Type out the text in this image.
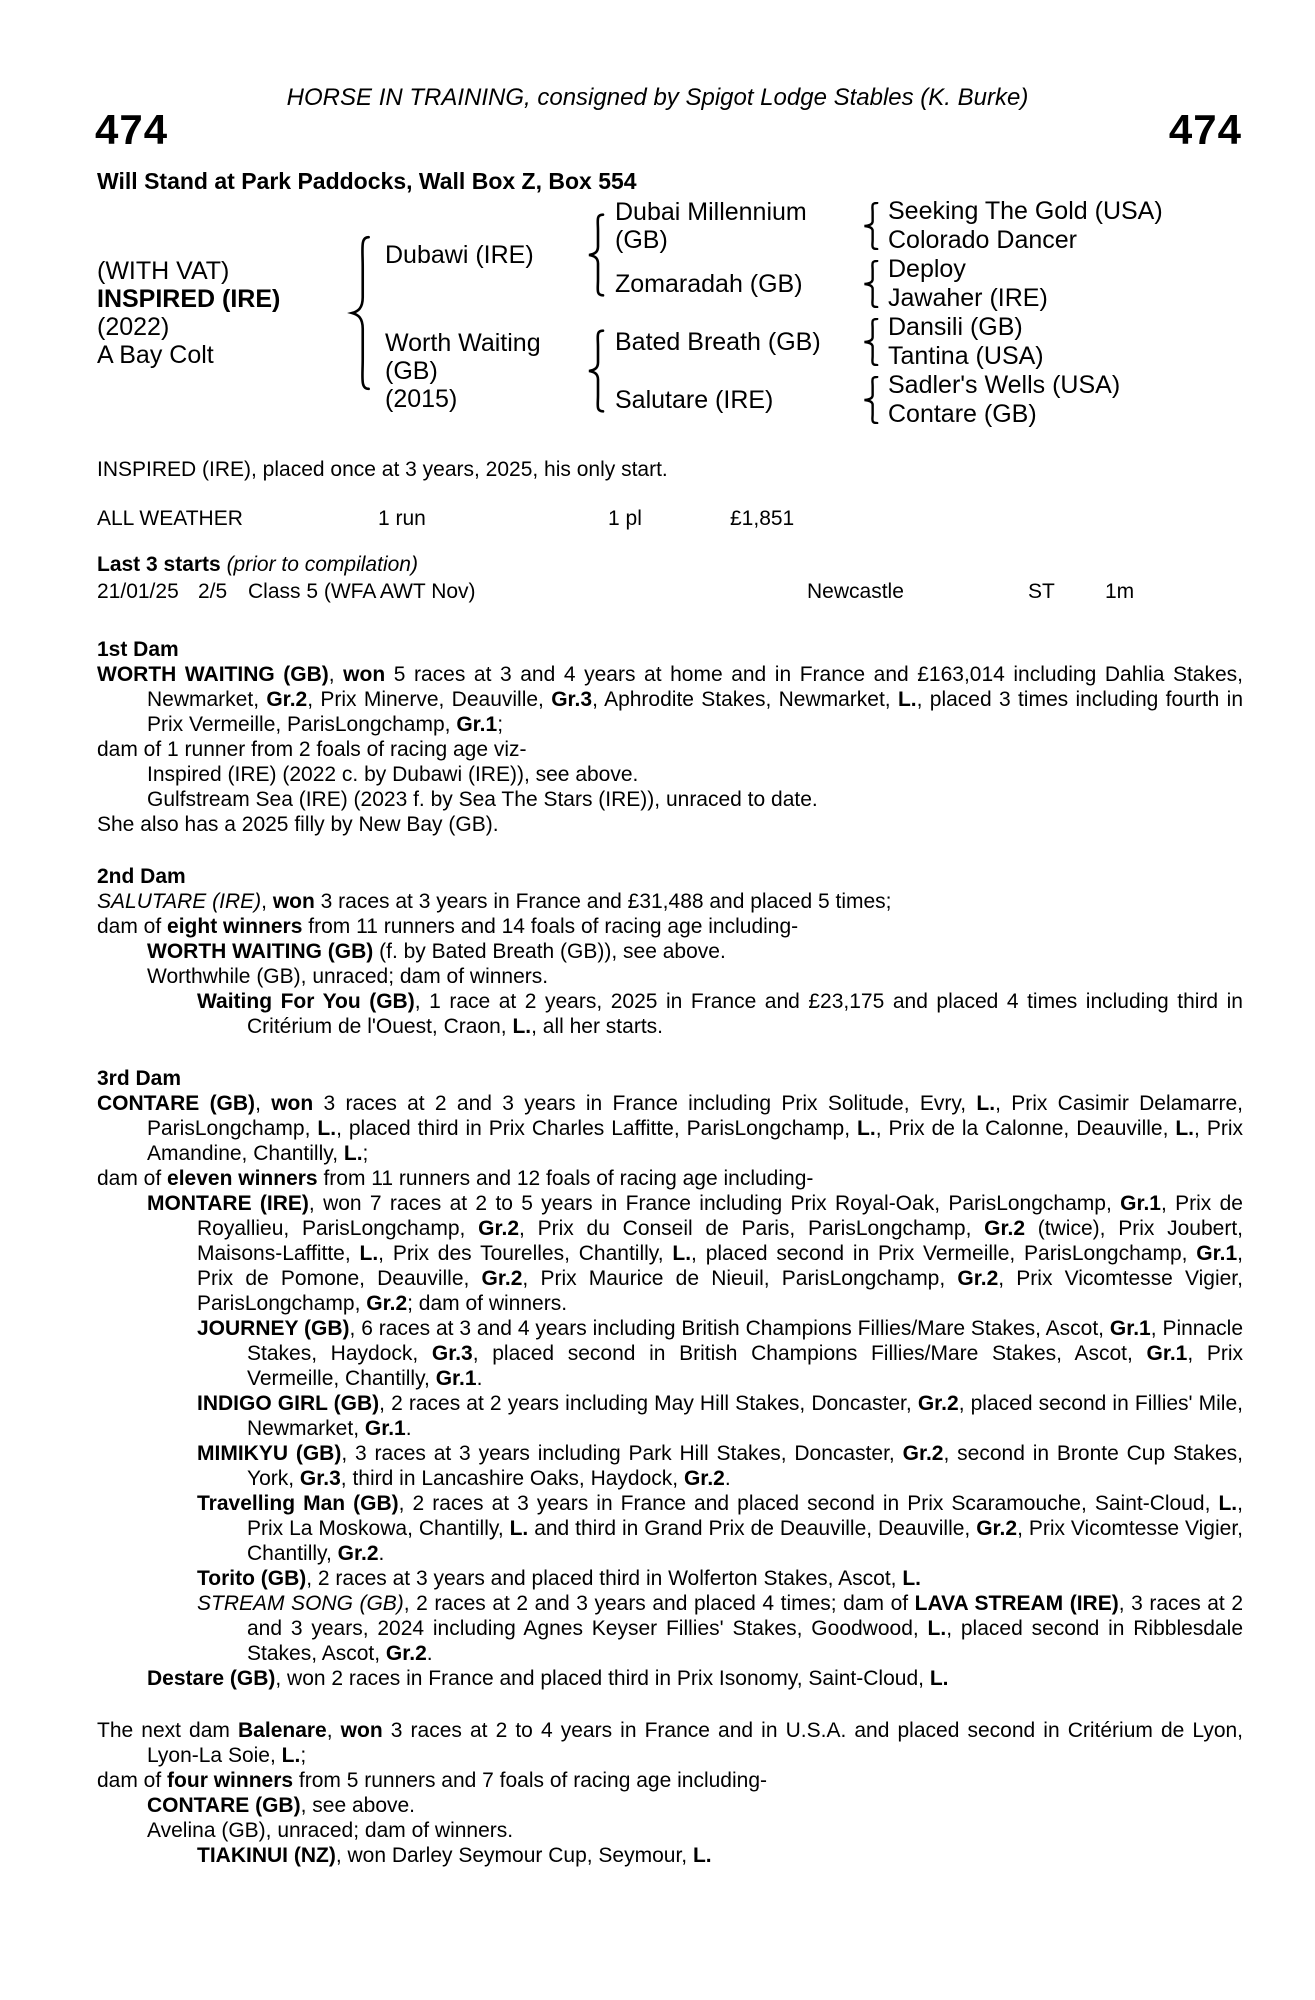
HORSE IN TRAINING, consigned by Spigot Lodge Stables (K. Burke)
474	474
Will Stand at Park Paddocks, Wall Box Z, Box 554
(WITH VAT)
INSPIRED (IRE)
(2022)
A Bay Colt
Dubawi (IRE)
Dubai Millennium (GB)
Seeking The Gold (USA)
Colorado Dancer
Zomaradah (GB)
Deploy
Jawaher (IRE)
Worth Waiting (GB)
(2015)
Bated Breath (GB)
Dansili (GB)
Tantina (USA)
Salutare (IRE)
Sadler's Wells (USA)
Contare (GB)
INSPIRED (IRE), placed once at 3 years, 2025, his only start.
ALL WEATHER	1 run	1 pl	£1,851
Last 3 starts (prior to compilation)
21/01/25 2/5 Class 5 (WFA AWT Nov)	Newcastle	ST 1m

1st Dam

WORTH WAITING (GB), won 5 races at 3 and 4 years at home and in France and £163,014 including Dahlia Stakes, Newmarket, Gr.2, Prix Minerve, Deauville, Gr.3, Aphrodite Stakes, Newmarket, L., placed 3 times including fourth in Prix Vermeille, ParisLongchamp, Gr.1;

dam of 1 runner from 2 foals of racing age viz-

Inspired (IRE) (2022 c. by Dubawi (IRE)), see above.

Gulfstream Sea (IRE) (2023 f. by Sea The Stars (IRE)), unraced to date.

She also has a 2025 filly by New Bay (GB).

2nd Dam

SALUTARE (IRE), won 3 races at 3 years in France and £31,488 and placed 5 times;

dam of eight winners from 11 runners and 14 foals of racing age including-

WORTH WAITING (GB) (f. by Bated Breath (GB)), see above.

Worthwhile (GB), unraced; dam of winners.

Waiting For You (GB), 1 race at 2 years, 2025 in France and £23,175 and placed 4 times including third in Critérium de l'Ouest, Craon, L., all her starts.

3rd Dam

CONTARE (GB), won 3 races at 2 and 3 years in France including Prix Solitude, Evry, L., Prix Casimir Delamarre, ParisLongchamp, L., placed third in Prix Charles Laffitte, ParisLongchamp, L., Prix de la Calonne, Deauville, L., Prix Amandine, Chantilly, L.;

dam of eleven winners from 11 runners and 12 foals of racing age including-

MONTARE (IRE), won 7 races at 2 to 5 years in France including Prix Royal-Oak, ParisLongchamp, Gr.1, Prix de Royallieu, ParisLongchamp, Gr.2, Prix du Conseil de Paris, ParisLongchamp, Gr.2 (twice), Prix Joubert, Maisons-Laffitte, L., Prix des Tourelles, Chantilly, L., placed second in Prix Vermeille, ParisLongchamp, Gr.1, Prix de Pomone, Deauville, Gr.2, Prix Maurice de Nieuil, ParisLongchamp, Gr.2, Prix Vicomtesse Vigier, ParisLongchamp, Gr.2; dam of winners.

JOURNEY (GB), 6 races at 3 and 4 years including British Champions Fillies/Mare Stakes, Ascot, Gr.1, Pinnacle Stakes, Haydock, Gr.3, placed second in British Champions Fillies/Mare Stakes, Ascot, Gr.1, Prix Vermeille, Chantilly, Gr.1.

INDIGO GIRL (GB), 2 races at 2 years including May Hill Stakes, Doncaster, Gr.2, placed second in Fillies' Mile, Newmarket, Gr.1.

MIMIKYU (GB), 3 races at 3 years including Park Hill Stakes, Doncaster, Gr.2, second in Bronte Cup Stakes, York, Gr.3, third in Lancashire Oaks, Haydock, Gr.2.

Travelling Man (GB), 2 races at 3 years in France and placed second in Prix Scaramouche, Saint-Cloud, L., Prix La Moskowa, Chantilly, L. and third in Grand Prix de Deauville, Deauville, Gr.2, Prix Vicomtesse Vigier, Chantilly, Gr.2.

Torito (GB), 2 races at 3 years and placed third in Wolferton Stakes, Ascot, L.

STREAM SONG (GB), 2 races at 2 and 3 years and placed 4 times; dam of LAVA STREAM (IRE), 3 races at 2 and 3 years, 2024 including Agnes Keyser Fillies' Stakes, Goodwood, L., placed second in Ribblesdale Stakes, Ascot, Gr.2.

Destare (GB), won 2 races in France and placed third in Prix Isonomy, Saint-Cloud, L.

The next dam Balenare, won 3 races at 2 to 4 years in France and in U.S.A. and placed second in Critérium de Lyon, Lyon-La Soie, L.;

dam of four winners from 5 runners and 7 foals of racing age including-

CONTARE (GB), see above.

Avelina (GB), unraced; dam of winners.

TIAKINUI (NZ), won Darley Seymour Cup, Seymour, L.
